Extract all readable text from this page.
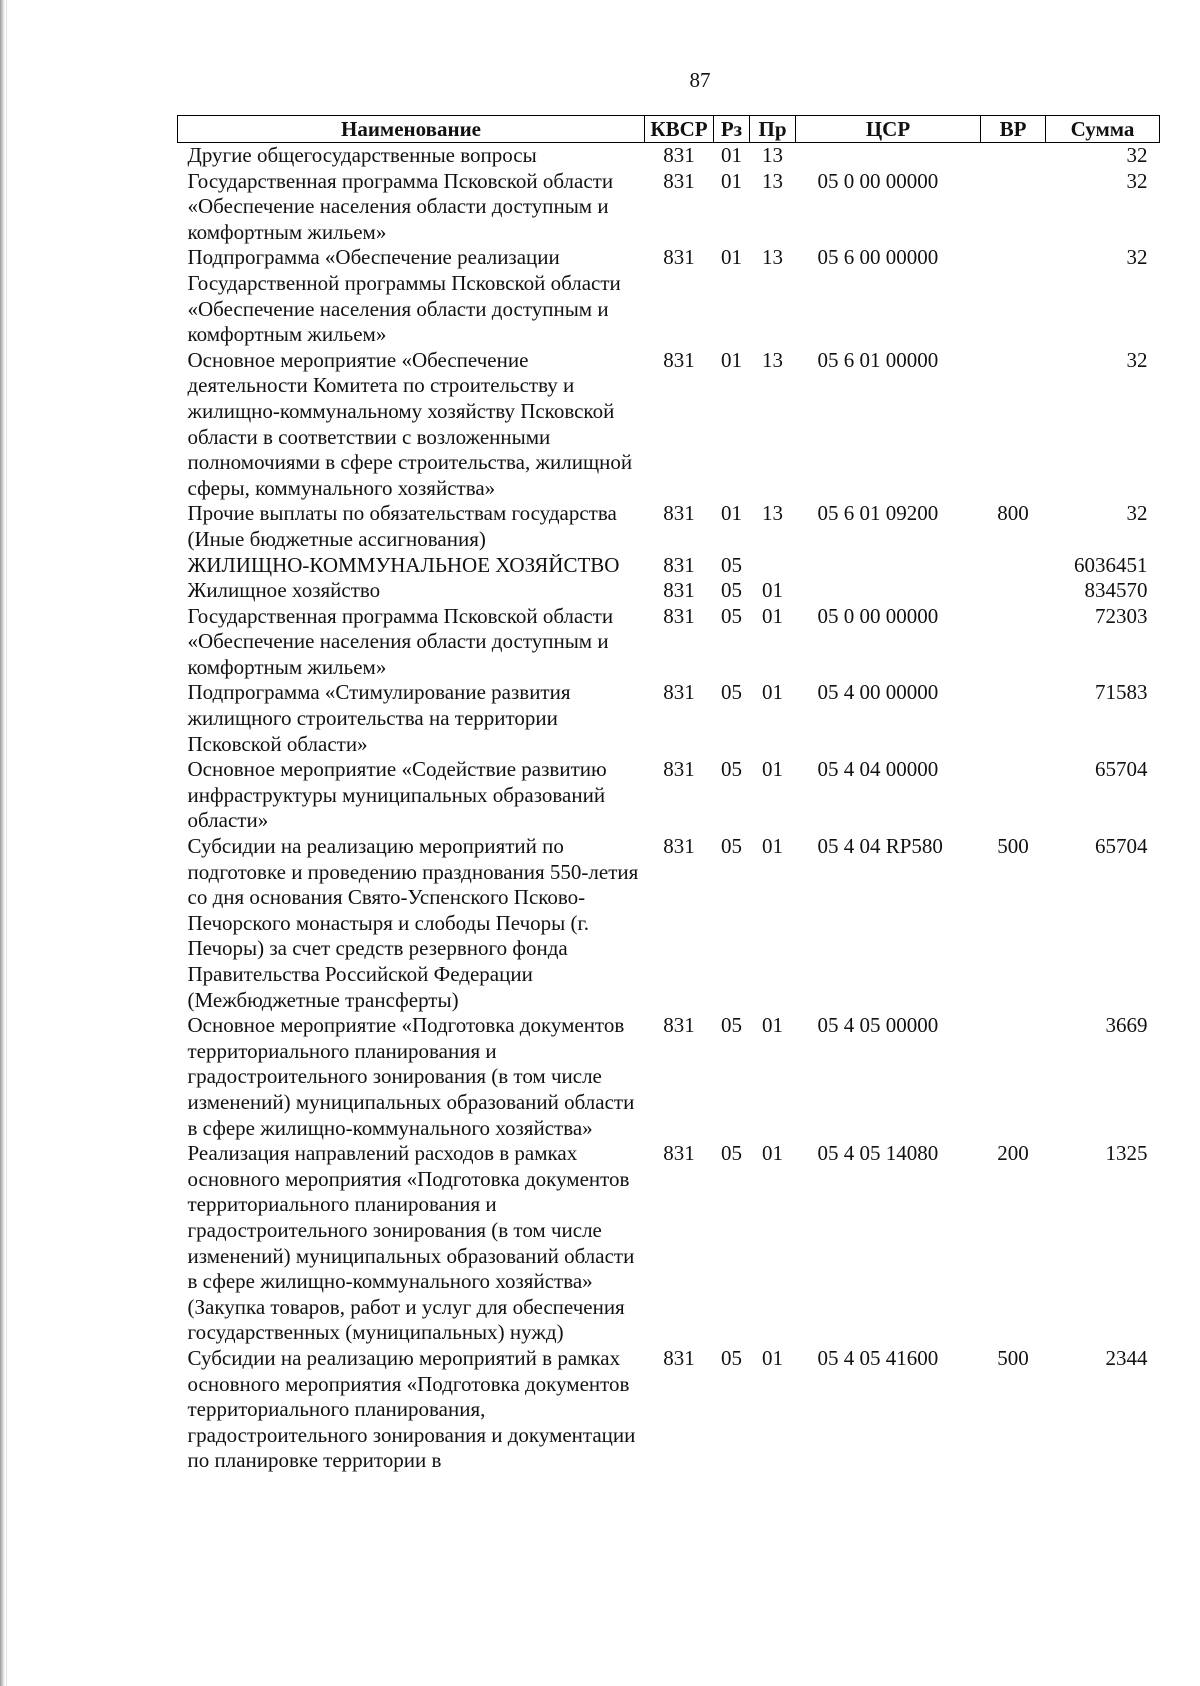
87
Наименование	КВСР	Рз	Пр	ЦСР	ВР	Сумма
Другие общегосударственные вопросы	831	01	13			32
Государственная программа Псковской области «Обеспечение населения области доступным и комфортным жильем»	831	01	13	05 0 00 00000		32
Подпрограмма «Обеспечение реализации Государственной программы Псковской области «Обеспечение населения области доступным и комфортным жильем»	831	01	13	05 6 00 00000		32
Основное мероприятие «Обеспечение деятельности Комитета по строительству и жилищно-коммунальному хозяйству Псковской области в соответствии с возложенными полномочиями в сфере строительства, жилищной сферы, коммунального хозяйства»	831	01	13	05 6 01 00000		32
Прочие выплаты по обязательствам государства (Иные бюджетные ассигнования)	831	01	13	05 6 01 09200	800	32
ЖИЛИЩНО-КОММУНАЛЬНОЕ ХОЗЯЙСТВО	831	05				6036451
Жилищное хозяйство	831	05	01			834570
Государственная программа Псковской области «Обеспечение населения области доступным и комфортным жильем»	831	05	01	05 0 00 00000		72303
Подпрограмма «Стимулирование развития жилищного строительства на территории Псковской области»	831	05	01	05 4 00 00000		71583
Основное мероприятие «Содействие развитию инфраструктуры муниципальных образований области»	831	05	01	05 4 04 00000		65704
Субсидии на реализацию мероприятий по подготовке и проведению празднования 550-летия со дня основания Свято-Успенского Псково-Печорского монастыря и слободы Печоры (г. Печоры) за счет средств резервного фонда Правительства Российской Федерации (Межбюджетные трансферты)	831	05	01	05 4 04 RP580	500	65704
Основное мероприятие «Подготовка документов территориального планирования и градостроительного зонирования (в том числе изменений) муниципальных образований области в сфере жилищно-коммунального хозяйства»	831	05	01	05 4 05 00000		3669
Реализация направлений расходов в рамках основного мероприятия «Подготовка документов территориального планирования и градостроительного зонирования (в том числе изменений) муниципальных образований области в сфере жилищно-коммунального хозяйства» (Закупка товаров, работ и услуг для обеспечения государственных (муниципальных) нужд)	831	05	01	05 4 05 14080	200	1325
Субсидии на реализацию мероприятий в рамках основного мероприятия «Подготовка документов территориального планирования, градостроительного зонирования и документации по планировке территории в	831	05	01	05 4 05 41600	500	2344
